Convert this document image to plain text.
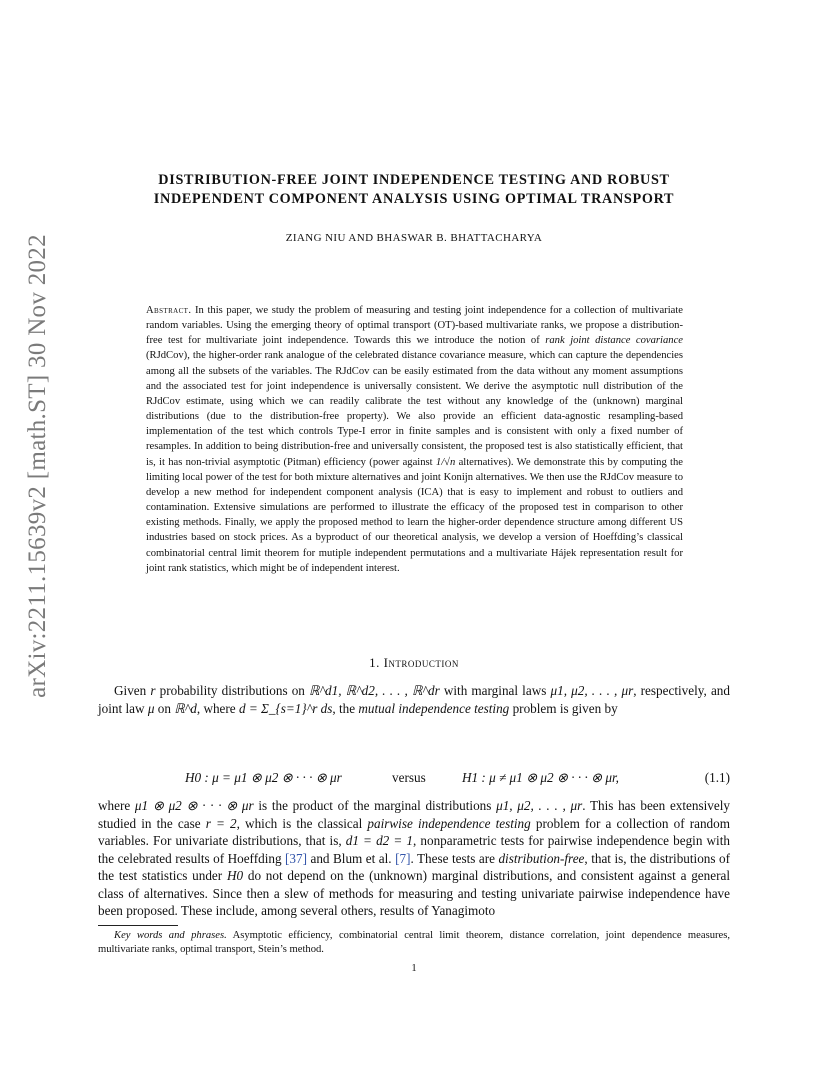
arXiv:2211.15639v2 [math.ST] 30 Nov 2022
DISTRIBUTION-FREE JOINT INDEPENDENCE TESTING AND ROBUST
INDEPENDENT COMPONENT ANALYSIS USING OPTIMAL TRANSPORT
ZIANG NIU AND BHASWAR B. BHATTACHARYA
Abstract. In this paper, we study the problem of measuring and testing joint independence for a collection of multivariate random variables. Using the emerging theory of optimal transport (OT)-based multivariate ranks, we propose a distribution-free test for multivariate joint independence. Towards this we introduce the notion of rank joint distance covariance (RJdCov), the higher-order rank analogue of the celebrated distance covariance measure, which can capture the dependencies among all the subsets of the variables. The RJdCov can be easily estimated from the data without any moment assumptions and the associated test for joint independence is universally consistent. We derive the asymptotic null distribution of the RJdCov estimate, using which we can readily calibrate the test without any knowledge of the (unknown) marginal distributions (due to the distribution-free property). We also provide an efficient data-agnostic resampling-based implementation of the test which controls Type-I error in finite samples and is consistent with only a fixed number of resamples. In addition to being distribution-free and universally consistent, the proposed test is also statistically efficient, that is, it has non-trivial asymptotic (Pitman) efficiency (power against 1/√n alternatives). We demonstrate this by computing the limiting local power of the test for both mixture alternatives and joint Konijn alternatives. We then use the RJdCov measure to develop a new method for independent component analysis (ICA) that is easy to implement and robust to outliers and contamination. Extensive simulations are performed to illustrate the efficacy of the proposed test in comparison to other existing methods. Finally, we apply the proposed method to learn the higher-order dependence structure among different US industries based on stock prices. As a byproduct of our theoretical analysis, we develop a version of Hoeffding’s classical combinatorial central limit theorem for mutiple independent permutations and a multivariate Hájek representation result for joint rank statistics, which might be of independent interest.
1. Introduction
Given r probability distributions on ℝ^d1, ℝ^d2, . . . , ℝ^dr with marginal laws μ1, μ2, . . . , μr, respectively, and joint law μ on ℝ^d, where d = Σ_{s=1}^r ds, the mutual independence testing problem is given by
H0 : μ = μ1 ⊗ μ2 ⊗ · · · ⊗ μr	versus	H1 : μ ≠ μ1 ⊗ μ2 ⊗ · · · ⊗ μr,	(1.1)
where μ1 ⊗ μ2 ⊗ · · · ⊗ μr is the product of the marginal distributions μ1, μ2, . . . , μr. This has been extensively studied in the case r = 2, which is the classical pairwise independence testing problem for a collection of random variables. For univariate distributions, that is, d1 = d2 = 1, nonparametric tests for pairwise independence begin with the celebrated results of Hoeffding [37] and Blum et al. [7]. These tests are distribution-free, that is, the distributions of the test statistics under H0 do not depend on the (unknown) marginal distributions, and consistent against a general class of alternatives. Since then a slew of methods for measuring and testing univariate pairwise independence have been proposed. These include, among several others, results of Yanagimoto
Key words and phrases. Asymptotic efficiency, combinatorial central limit theorem, distance correlation, joint dependence measures, multivariate ranks, optimal transport, Stein’s method.
1
